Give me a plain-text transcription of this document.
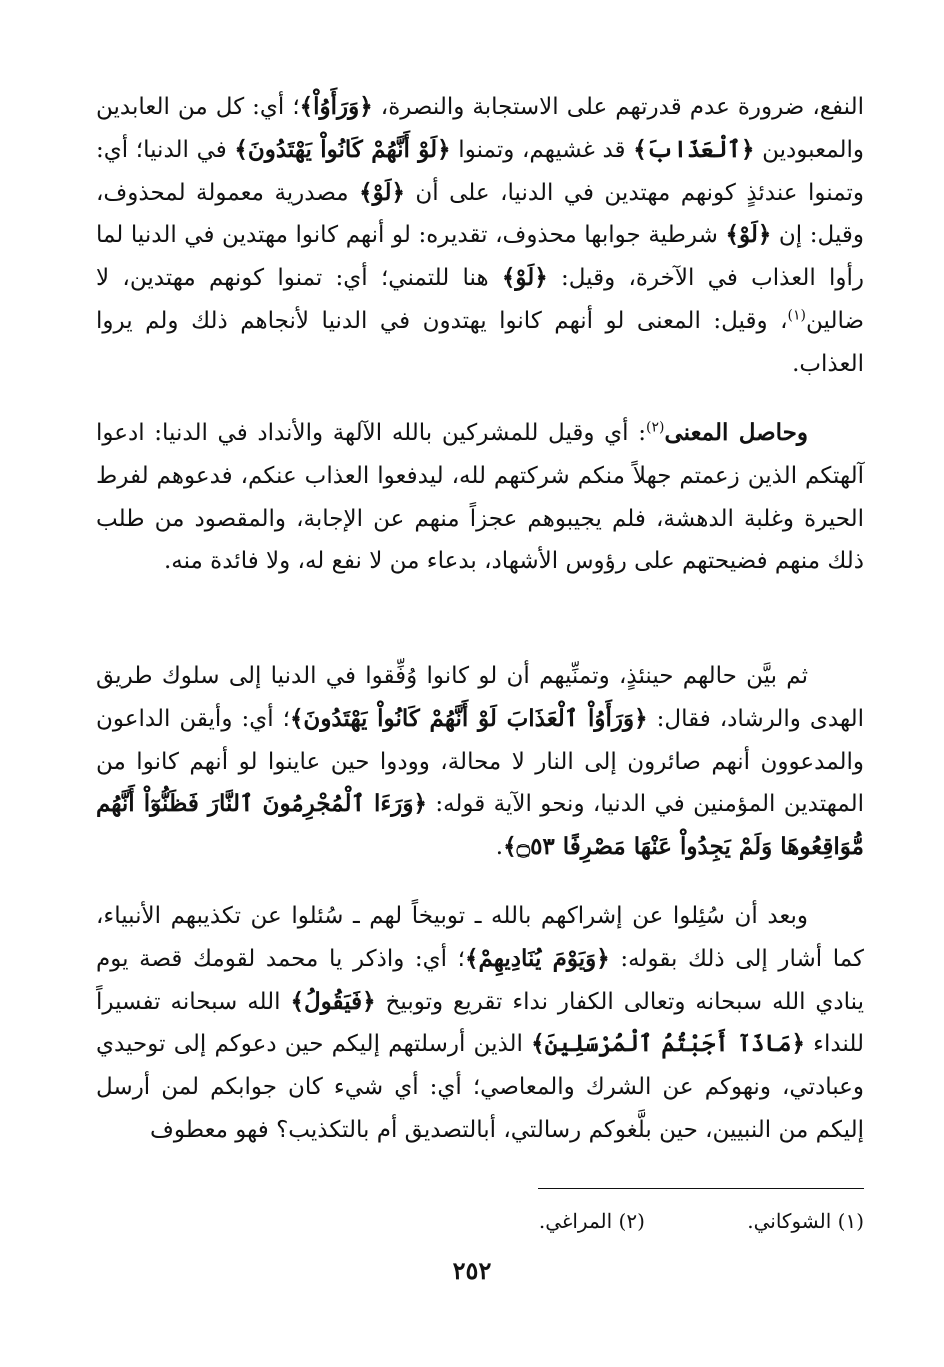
النفع، ضرورة عدم قدرتهم على الاستجابة والنصرة، ﴿وَرَأَوُاْ﴾؛ أي: كل من العابدين والمعبودين ﴿ٱلْعَذَابَ﴾ قد غشيهم، وتمنوا ﴿لَوْ أَنَّهُمْ كَانُواْ يَهْتَدُونَ﴾ في الدنيا؛ أي: وتمنوا عندئذٍ كونهم مهتدين في الدنيا، على أن ﴿لَوْ﴾ مصدرية معمولة لمحذوف، وقيل: إن ﴿لَوْ﴾ شرطية جوابها محذوف، تقديره: لو أنهم كانوا مهتدين في الدنيا لما رأوا العذاب في الآخرة، وقيل: ﴿لَوْ﴾ هنا للتمني؛ أي: تمنوا كونهم مهتدين، لا ضالين$^{(١)}$، وقيل: المعنى لو أنهم كانوا يهتدون في الدنيا لأنجاهم ذلك ولم يروا العذاب.
وحاصل المعنى$^{(٢)}$: أي وقيل للمشركين بالله الآلهة والأنداد في الدنيا: ادعوا آلهتكم الذين زعمتم جهلاً منكم شركتهم لله، ليدفعوا العذاب عنكم، فدعوهم لفرط الحيرة وغلبة الدهشة، فلم يجيبوهم عجزاً منهم عن الإجابة، والمقصود من طلب ذلك منهم فضيحتهم على رؤوس الأشهاد، بدعاء من لا نفع له، ولا فائدة منه.
ثم بيَّن حالهم حينئذٍ، وتمنِّيهم أن لو كانوا وُفِّقوا في الدنيا إلى سلوك طريق الهدى والرشاد، فقال: ﴿وَرَأَوُاْ ٱلْعَذَابَ لَوْ أَنَّهُمْ كَانُواْ يَهْتَدُونَ﴾؛ أي: وأيقن الداعون والمدعوون أنهم صائرون إلى النار لا محالة، وودوا حين عاينوا لو أنهم كانوا من المهتدين المؤمنين في الدنيا، ونحو الآية قوله: ﴿وَرَءَا ٱلْمُجْرِمُونَ ٱلنَّارَ فَظَنُّوٓاْ أَنَّهُم مُّوَاقِعُوهَا وَلَمْ يَجِدُواْ عَنْهَا مَصْرِفًا ۝٥٣﴾.
وبعد أن سُئِلوا عن إشراكهم بالله ـ توبيخاً لهم ـ سُئلوا عن تكذيبهم الأنبياء، كما أشار إلى ذلك بقوله: ﴿وَيَوْمَ يُنَادِيهِمْ﴾؛ أي: واذكر يا محمد لقومك قصة يوم ينادي الله سبحانه وتعالى الكفار نداء تقريع وتوبيخ ﴿فَيَقُولُ﴾ الله سبحانه تفسيراً للنداء ﴿مَاذَآ أَجَبْتُمُ ٱلْمُرْسَلِينَ﴾ الذين أرسلتهم إليكم حين دعوكم إلى توحيدي وعبادتي، ونهوكم عن الشرك والمعاصي؛ أي: أي شيء كان جوابكم لمن أرسل إليكم من النبيين، حين بلَّغوكم رسالتي، أبالتصديق أم بالتكذيب؟ فهو معطوف
(١) الشوكاني. (٢) المراغي.
٢٥٢
